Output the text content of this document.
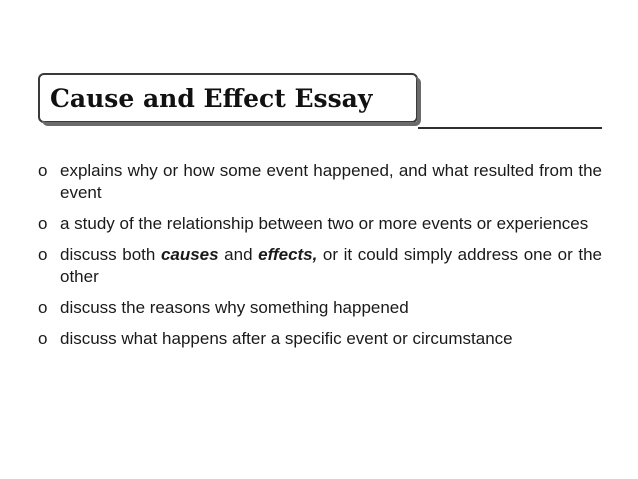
Cause and Effect Essay
o explains why or how some event happened, and what resulted from the event
o a study of the relationship between two or more events or experiences
o discuss both causes and effects, or it could simply address one or the other
o discuss the reasons why something happened
o discuss what happens after a specific event or circumstance
